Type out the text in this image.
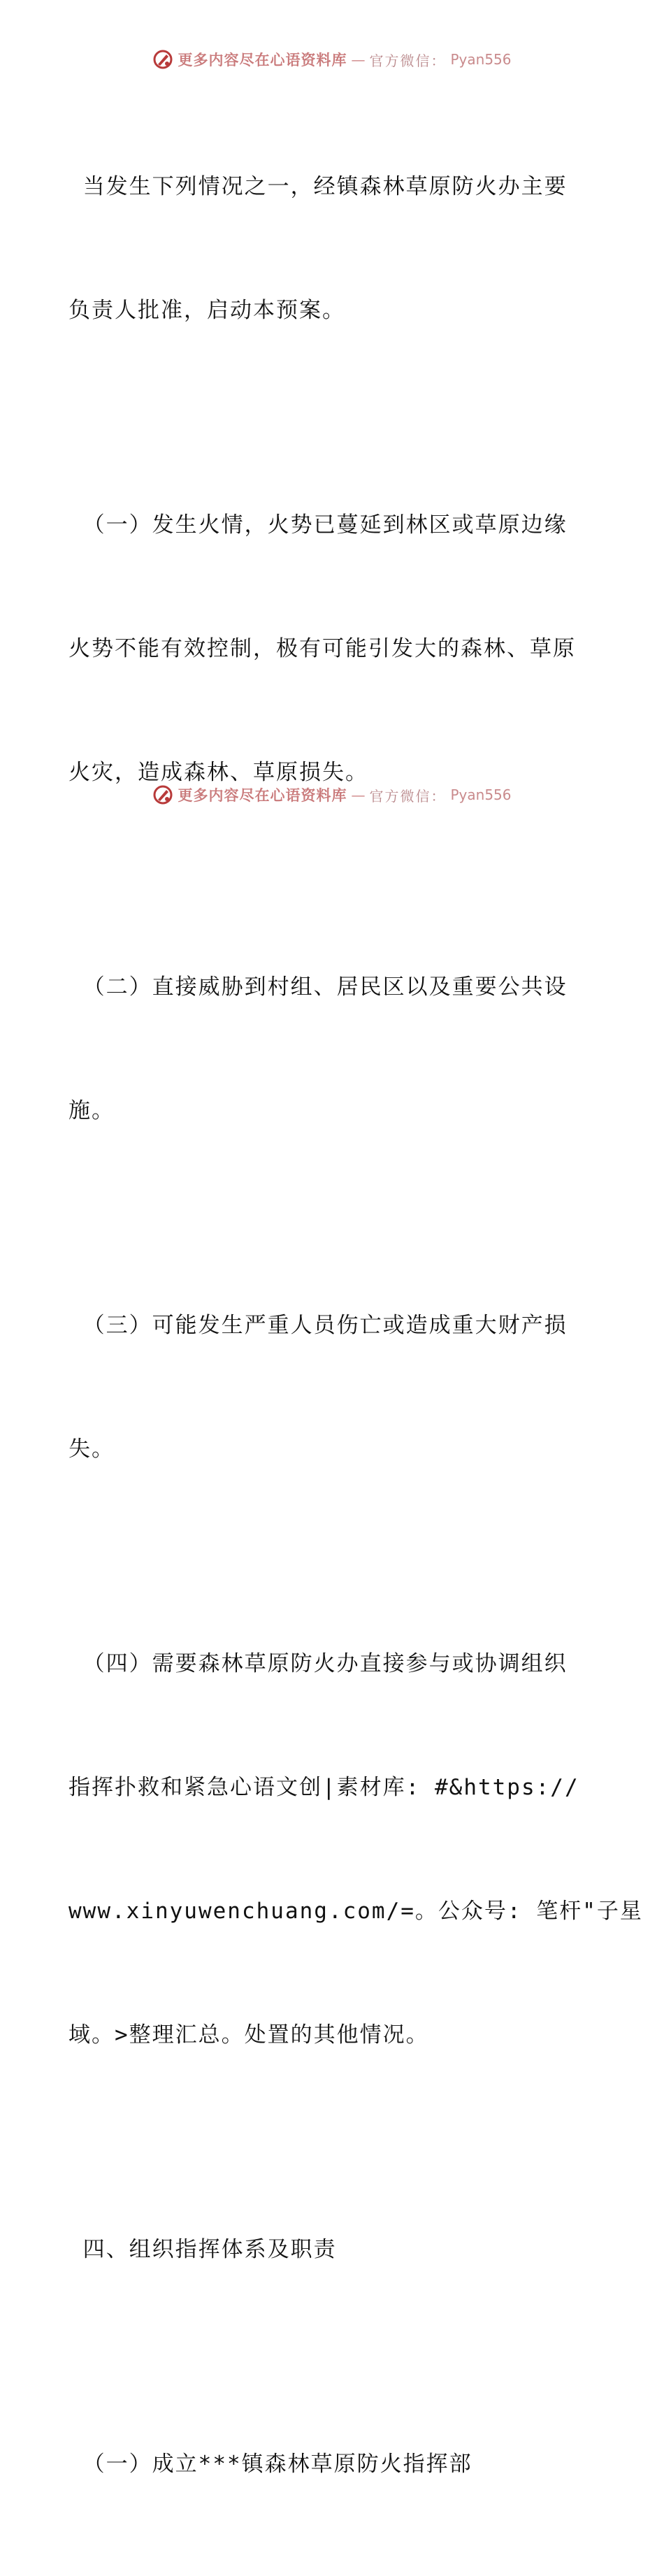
更多内容尽在心语资料库 — 官方微信： Pyan556

当发生下列情况之一，经镇森林草原防火办主要

负责人批准，启动本预案。

（一）发生火情，火势已蔓延到林区或草原边缘

火势不能有效控制，极有可能引发大的森林、草原

火灾，造成森林、草原损失。

（二）直接威胁到村组、居民区以及重要公共设

施。

（三）可能发生严重人员伤亡或造成重大财产损

失。

（四）需要森林草原防火办直接参与或协调组织

指挥扑救和紧急心语文创|素材库: #&https://

www.xinyuwenchuang.com/=。公众号: 笔杆"子星

域。>整理汇总。处置的其他情况。

四、组织指挥体系及职责

（一）成立***镇森林草原防火指挥部

更多内容尽在心语资料库 — 官方微信： Pyan556
